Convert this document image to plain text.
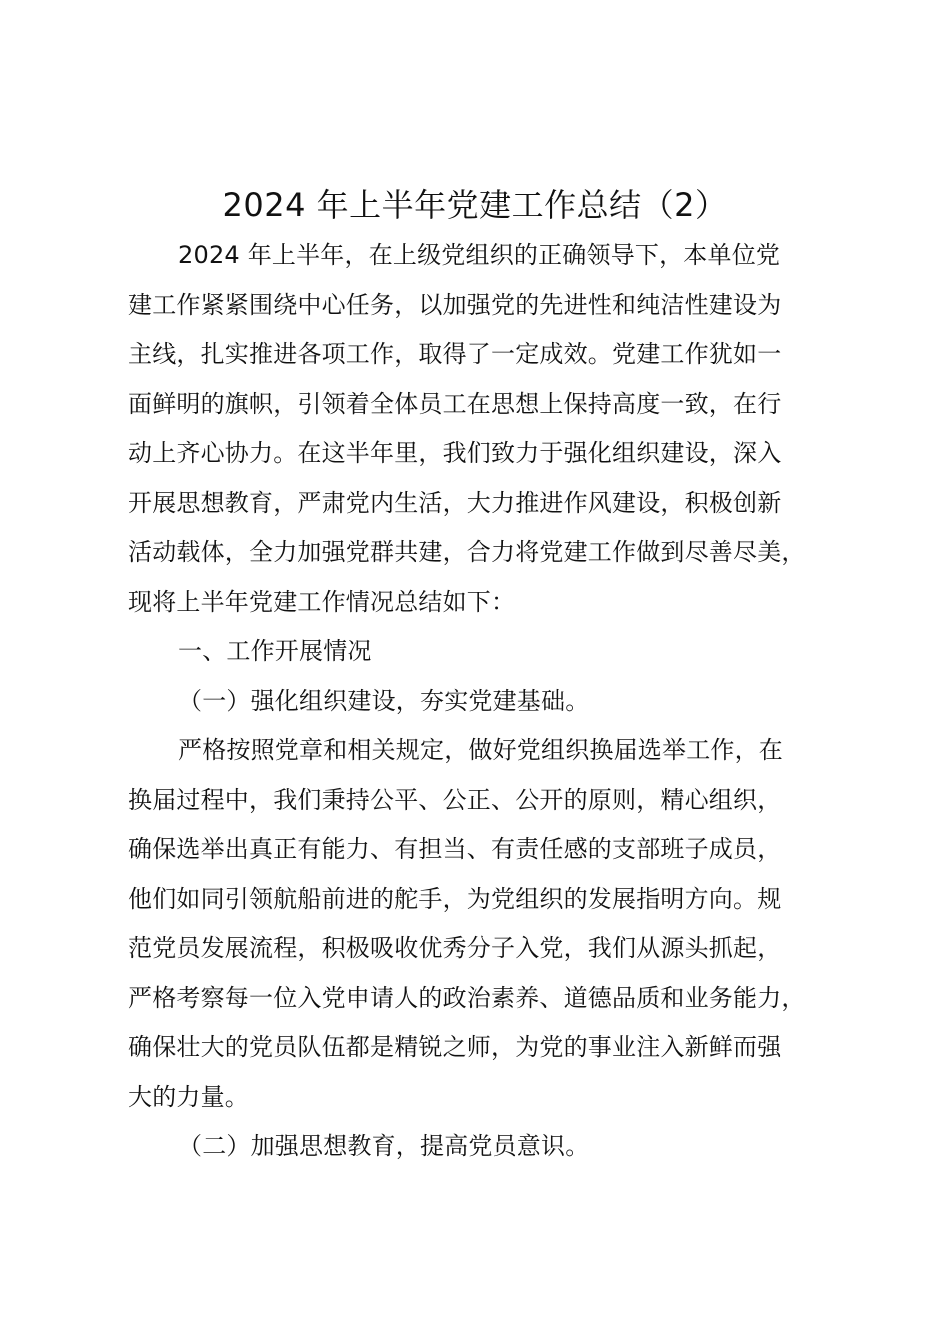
2024 年上半年党建工作总结（2）
2024 年上半年，在上级党组织的正确领导下，本单位党
建工作紧紧围绕中心任务，以加强党的先进性和纯洁性建设为
主线，扎实推进各项工作，取得了一定成效。党建工作犹如一
面鲜明的旗帜，引领着全体员工在思想上保持高度一致，在行
动上齐心协力。在这半年里，我们致力于强化组织建设，深入
开展思想教育，严肃党内生活，大力推进作风建设，积极创新
活动载体，全力加强党群共建，合力将党建工作做到尽善尽美，
现将上半年党建工作情况总结如下：
一、工作开展情况
（一）强化组织建设，夯实党建基础。
严格按照党章和相关规定，做好党组织换届选举工作，在
换届过程中，我们秉持公平、公正、公开的原则，精心组织，
确保选举出真正有能力、有担当、有责任感的支部班子成员，
他们如同引领航船前进的舵手，为党组织的发展指明方向。规
范党员发展流程，积极吸收优秀分子入党，我们从源头抓起，
严格考察每一位入党申请人的政治素养、道德品质和业务能力，
确保壮大的党员队伍都是精锐之师，为党的事业注入新鲜而强
大的力量。
（二）加强思想教育，提高党员意识。
